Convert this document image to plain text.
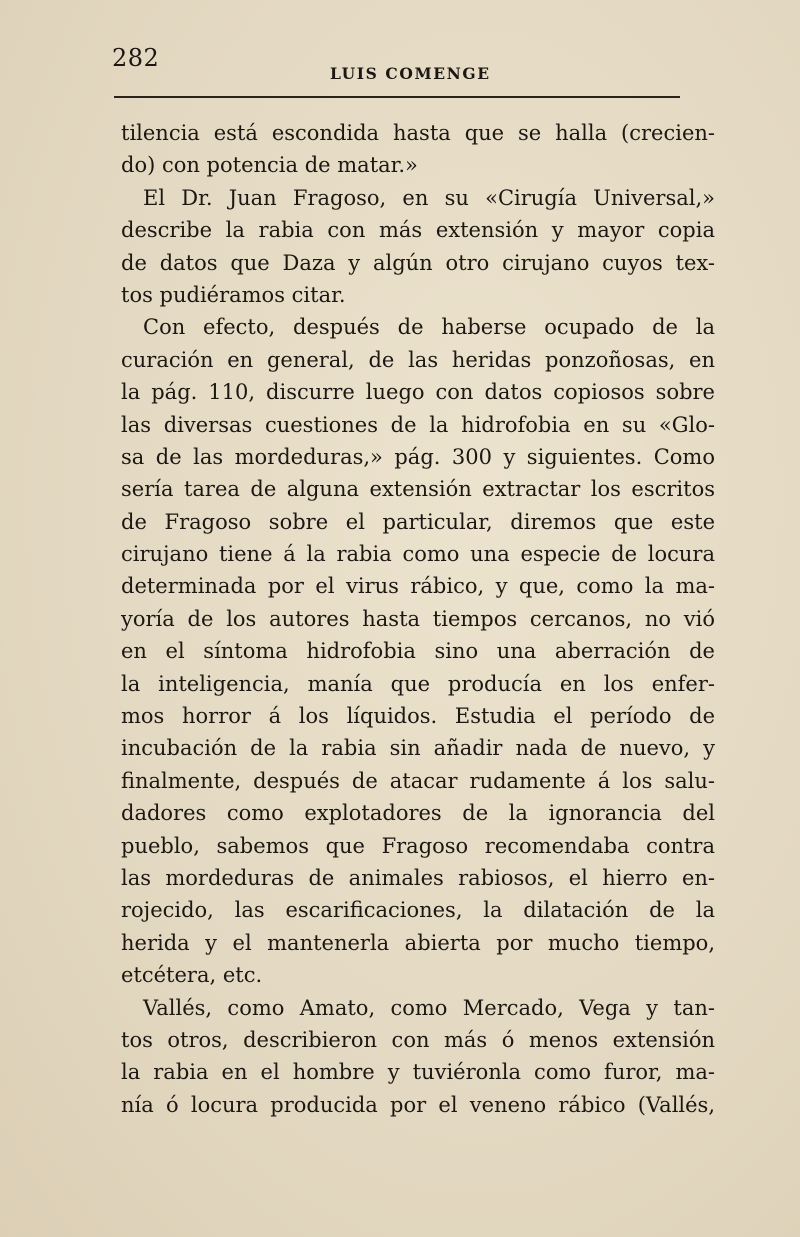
282
LUIS COMENGE
tilencia está escondida hasta que se halla (crecien-
do) con potencia de matar.»
El Dr. Juan Fragoso, en su «Cirugía Universal,»
describe la rabia con más extensión y mayor copia
de datos que Daza y algún otro cirujano cuyos tex-
tos pudiéramos citar.
Con efecto, después de haberse ocupado de la
curación en general, de las heridas ponzoñosas, en
la pág. 110, discurre luego con datos copiosos sobre
las diversas cuestiones de la hidrofobia en su «Glo-
sa de las mordeduras,» pág. 300 y siguientes. Como
sería tarea de alguna extensión extractar los escritos
de Fragoso sobre el particular, diremos que este
cirujano tiene á la rabia como una especie de locura
determinada por el virus rábico, y que, como la ma-
yoría de los autores hasta tiempos cercanos, no vió
en el síntoma hidrofobia sino una aberración de
la inteligencia, manía que producía en los enfer-
mos horror á los líquidos. Estudia el período de
incubación de la rabia sin añadir nada de nuevo, y
finalmente, después de atacar rudamente á los salu-
dadores como explotadores de la ignorancia del
pueblo, sabemos que Fragoso recomendaba contra
las mordeduras de animales rabiosos, el hierro en-
rojecido, las escarificaciones, la dilatación de la
herida y el mantenerla abierta por mucho tiempo,
etcétera, etc.
Vallés, como Amato, como Mercado, Vega y tan-
tos otros, describieron con más ó menos extensión
la rabia en el hombre y tuviéronla como furor, ma-
nía ó locura producida por el veneno rábico (Vallés,
